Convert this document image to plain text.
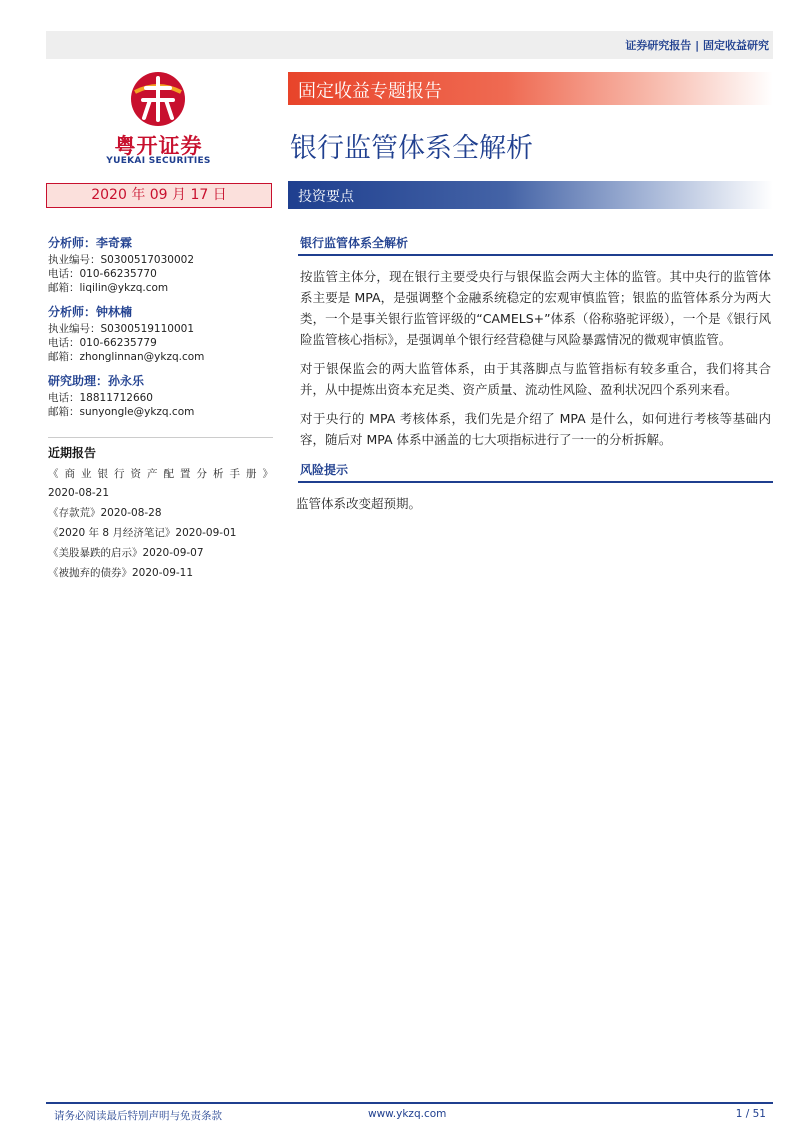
证券研究报告 | 固定收益研究
粤开证券
YUEKAI SECURITIES
固定收益专题报告
银行监管体系全解析
2020 年 09 月 17 日	投资要点
分析师：李奇霖
执业编号：S0300517030002
电话：010-66235770
邮箱：liqilin@ykzq.com
分析师：钟林楠
执业编号：S0300519110001
电话：010-66235779
邮箱：zhonglinnan@ykzq.com
研究助理：孙永乐
电话：18811712660
邮箱：sunyongle@ykzq.com
近期报告
《商业银行资产配置分析手册》
2020-08-21
《存款荒》2020-08-28
《2020 年 8 月经济笔记》2020-09-01
《美股暴跌的启示》2020-09-07
《被抛弃的债券》2020-09-11
银行监管体系全解析

按监管主体分，现在银行主要受央行与银保监会两大主体的监管。其中央行的监管体系主要是 MPA，是强调整个金融系统稳定的宏观审慎监管；银监的监管体系分为两大类，一个是事关银行监管评级的“CAMELS+”体系（俗称骆驼评级），一个是《银行风险监管核心指标》，是强调单个银行经营稳健与风险暴露情况的微观审慎监管。

对于银保监会的两大监管体系，由于其落脚点与监管指标有较多重合，我们将其合并，从中提炼出资本充足类、资产质量、流动性风险、盈利状况四个系列来看。

对于央行的 MPA 考核体系，我们先是介绍了 MPA 是什么，如何进行考核等基础内容，随后对 MPA 体系中涵盖的七大项指标进行了一一的分析拆解。

风险提示
监管体系改变超预期。
请务必阅读最后特别声明与免责条款	www.ykzq.com	1 / 51
